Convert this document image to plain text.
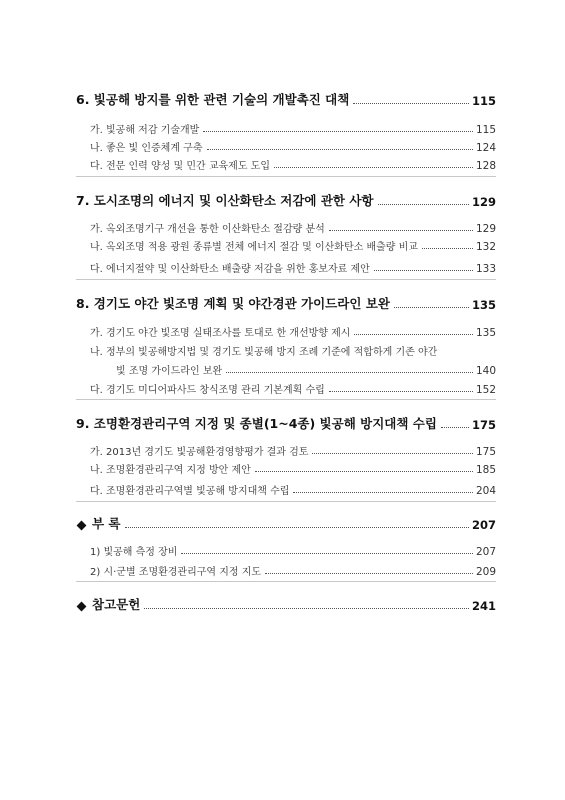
6. 빛공해 방지를 위한 관련 기술의 개발촉진 대책	115
가. 빛공해 저감 기술개발	115
나. 좋은 빛 인증체계 구축	124
다. 전문 인력 양성 및 민간 교육제도 도입	128
7. 도시조명의 에너지 및 이산화탄소 저감에 관한 사항	129
가. 옥외조명기구 개선을 통한 이산화탄소 절감량 분석	129
나. 옥외조명 적용 광원 종류별 전체 에너지 절감 및 이산화탄소 배출량 비교	132
다. 에너지절약 및 이산화탄소 배출량 저감을 위한 홍보자료 제안	133
8. 경기도 야간 빛조명 계획 및 야간경관 가이드라인 보완	135
가. 경기도 야간 빛조명 실태조사를 토대로 한 개선방향 제시	135
나. 정부의 빛공해방지법 및 경기도 빛공해 방지 조례 기준에 적합하게 기존 야간
빛 조명 가이드라인 보완	140
다. 경기도 미디어파사드 창식조명 관리 기본계획 수립	152
9. 조명환경관리구역 지정 및 종별(1~4종) 빛공해 방지대책 수립	175
가. 2013년 경기도 빛공해환경영향평가 결과 검토	175
나. 조명환경관리구역 지정 방안 제안	185
다. 조명환경관리구역별 빛공해 방지대책 수립	204
부 록	207
1) 빛공해 측정 장비	207
2) 시·군별 조명환경관리구역 지정 지도	209
참고문헌	241
